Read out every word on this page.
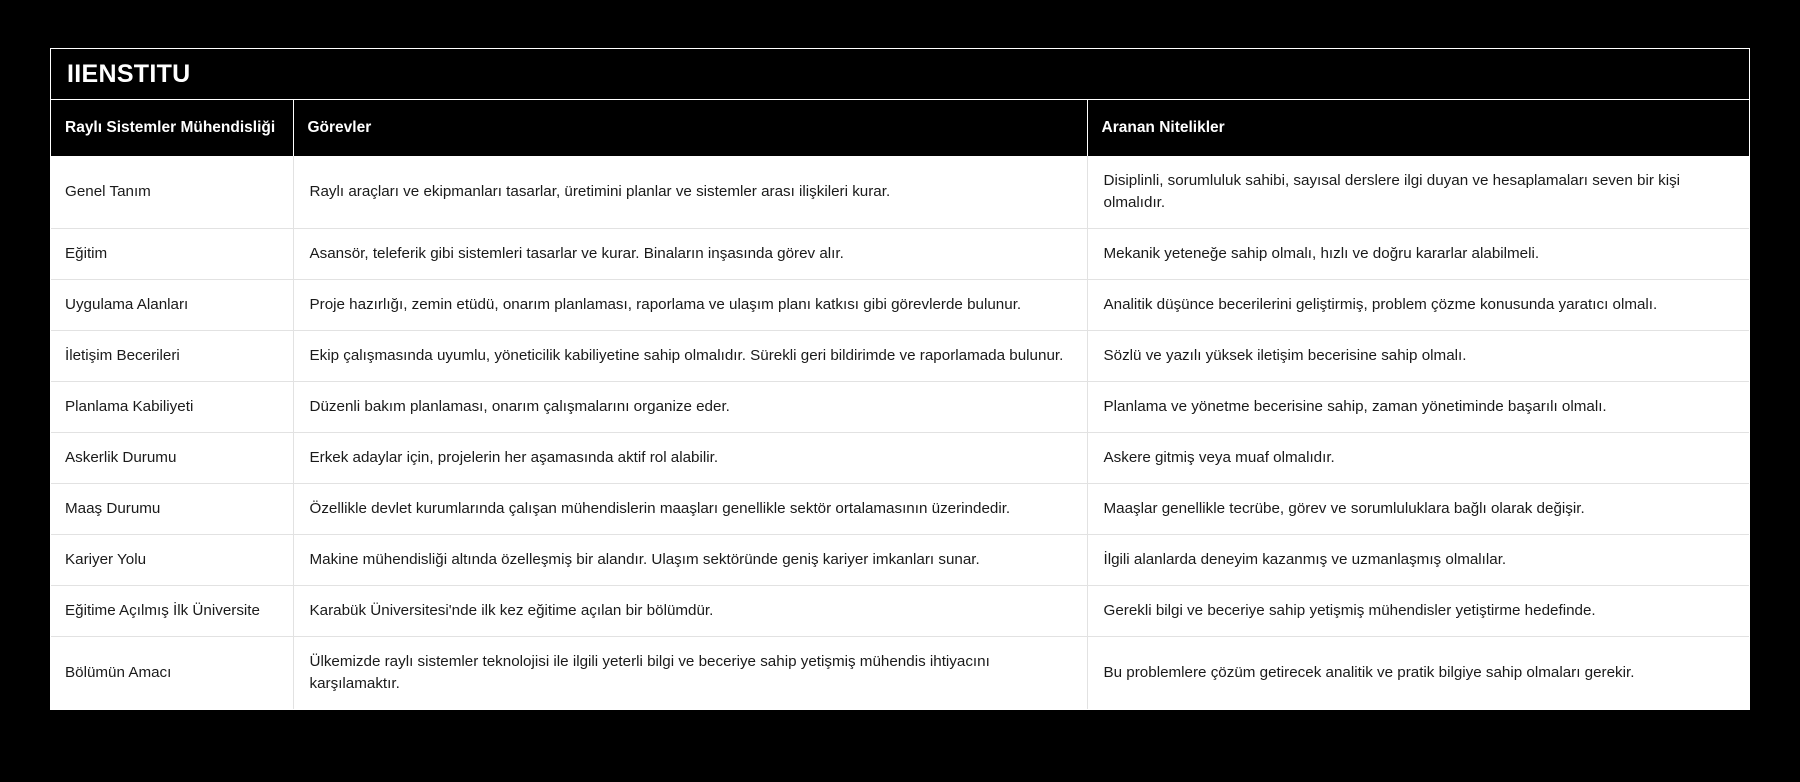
IIENSTITU
Raylı Sistemler Mühendisliği	Görevler	Aranan Nitelikler
Genel Tanım	Raylı araçları ve ekipmanları tasarlar, üretimini planlar ve sistemler arası ilişkileri kurar.	Disiplinli, sorumluluk sahibi, sayısal derslere ilgi duyan ve hesaplamaları seven bir kişi olmalıdır.
Eğitim	Asansör, teleferik gibi sistemleri tasarlar ve kurar. Binaların inşasında görev alır.	Mekanik yeteneğe sahip olmalı, hızlı ve doğru kararlar alabilmeli.
Uygulama Alanları	Proje hazırlığı, zemin etüdü, onarım planlaması, raporlama ve ulaşım planı katkısı gibi görevlerde bulunur.	Analitik düşünce becerilerini geliştirmiş, problem çözme konusunda yaratıcı olmalı.
İletişim Becerileri	Ekip çalışmasında uyumlu, yöneticilik kabiliyetine sahip olmalıdır. Sürekli geri bildirimde ve raporlamada bulunur.	Sözlü ve yazılı yüksek iletişim becerisine sahip olmalı.
Planlama Kabiliyeti	Düzenli bakım planlaması, onarım çalışmalarını organize eder.	Planlama ve yönetme becerisine sahip, zaman yönetiminde başarılı olmalı.
Askerlik Durumu	Erkek adaylar için, projelerin her aşamasında aktif rol alabilir.	Askere gitmiş veya muaf olmalıdır.
Maaş Durumu	Özellikle devlet kurumlarında çalışan mühendislerin maaşları genellikle sektör ortalamasının üzerindedir.	Maaşlar genellikle tecrübe, görev ve sorumluluklara bağlı olarak değişir.
Kariyer Yolu	Makine mühendisliği altında özelleşmiş bir alandır. Ulaşım sektöründe geniş kariyer imkanları sunar.	İlgili alanlarda deneyim kazanmış ve uzmanlaşmış olmalılar.
Eğitime Açılmış İlk Üniversite	Karabük Üniversitesi'nde ilk kez eğitime açılan bir bölümdür.	Gerekli bilgi ve beceriye sahip yetişmiş mühendisler yetiştirme hedefinde.
Bölümün Amacı	Ülkemizde raylı sistemler teknolojisi ile ilgili yeterli bilgi ve beceriye sahip yetişmiş mühendis ihtiyacını karşılamaktır.	Bu problemlere çözüm getirecek analitik ve pratik bilgiye sahip olmaları gerekir.
